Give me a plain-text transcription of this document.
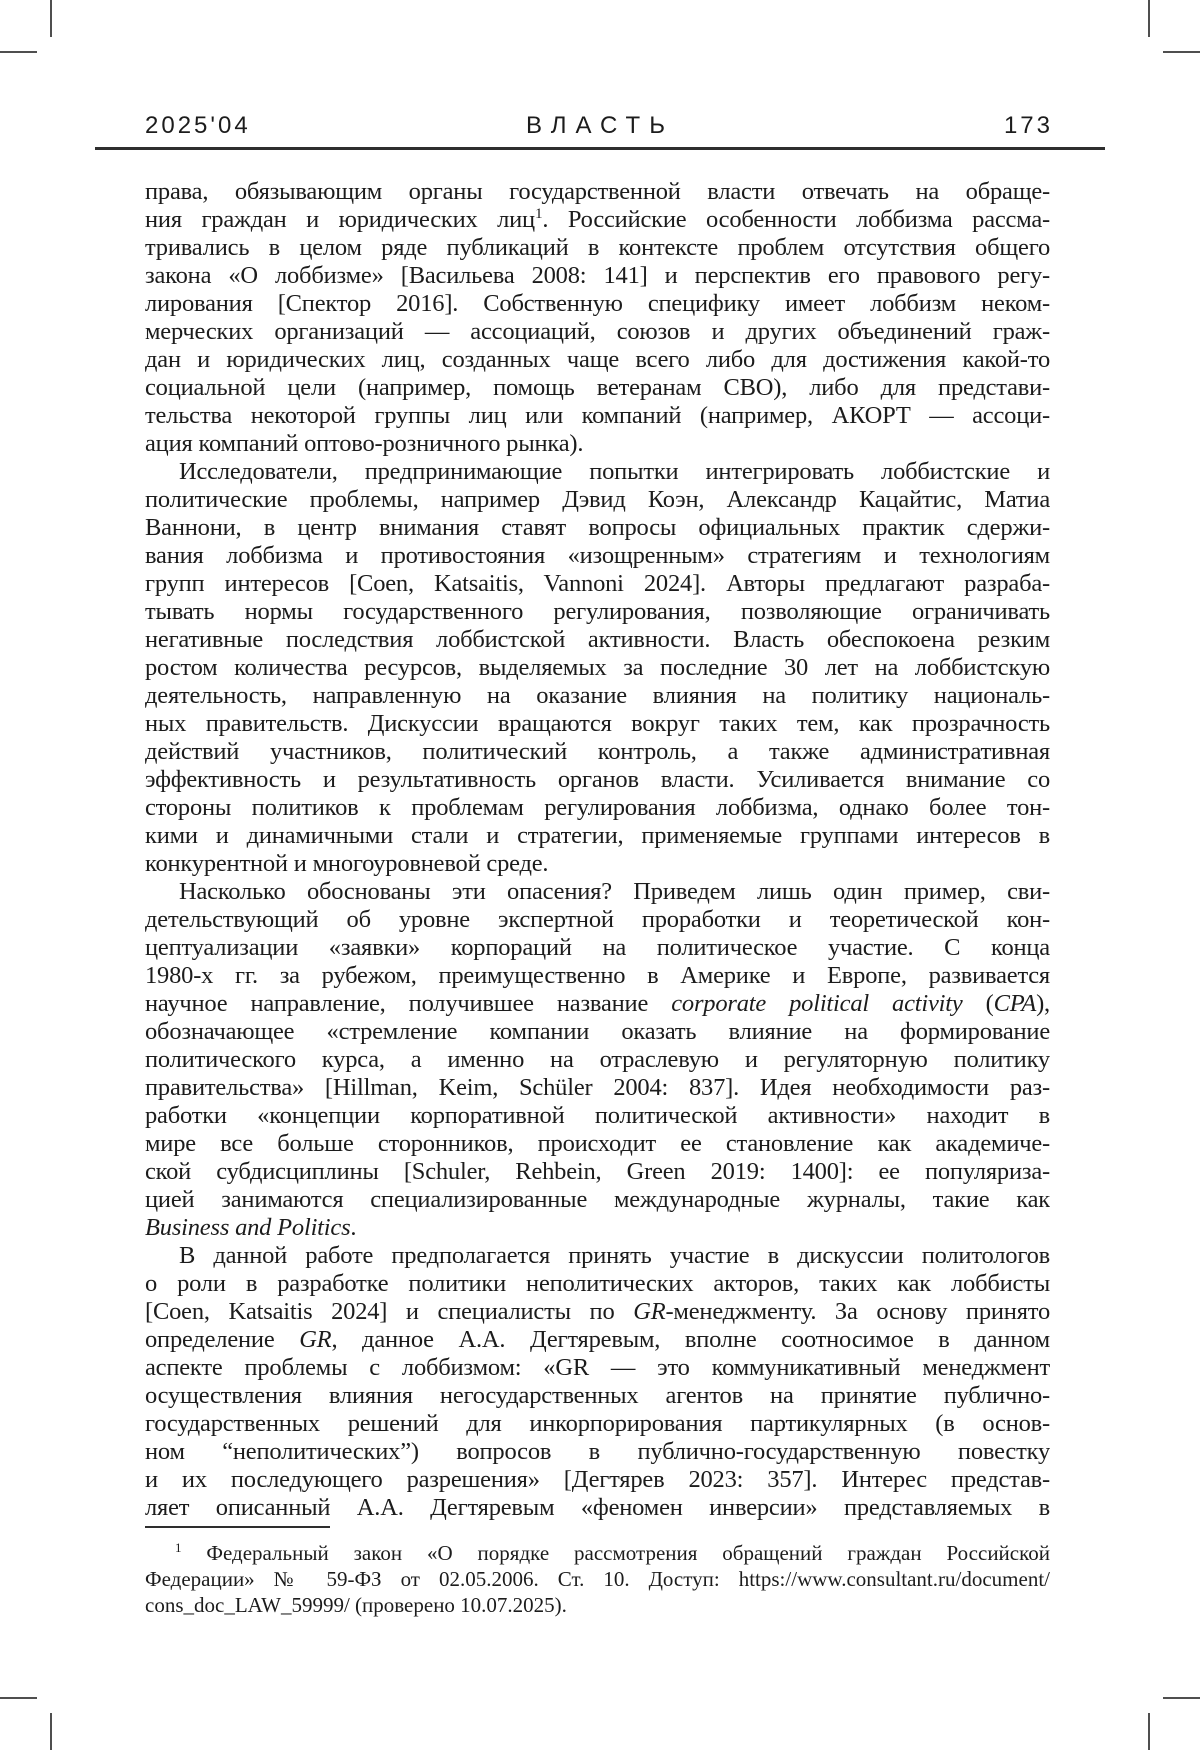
2025'04	ВЛАСТЬ	173
права, обязывающим органы государственной власти отвечать на обраще-
ния граждан и юридических лиц$^1$. Российские особенности лоббизма рассма-
тривались в целом ряде публикаций в контексте проблем отсутствия общего
закона «О лоббизме» [Васильева 2008: 141] и перспектив его правового регу-
лирования [Спектор 2016]. Собственную специфику имеет лоббизм неком-
мерческих организаций — ассоциаций, союзов и других объединений граж-
дан и юридических лиц, созданных чаще всего либо для достижения какой-то
социальной цели (например, помощь ветеранам СВО), либо для представи-
тельства некоторой группы лиц или компаний (например, АКОРТ — ассоци-
ация компаний оптово-розничного рынка).
Исследователи, предпринимающие попытки интегрировать лоббистские и
политические проблемы, например Дэвид Коэн, Александр Кацайтис, Матиа
Ваннони, в центр внимания ставят вопросы официальных практик сдержи-
вания лоббизма и противостояния «изощренным» стратегиям и технологиям
групп интересов [Coen, Katsaitis, Vannoni 2024]. Авторы предлагают разраба-
тывать нормы государственного регулирования, позволяющие ограничивать
негативные последствия лоббистской активности. Власть обеспокоена резким
ростом количества ресурсов, выделяемых за последние 30 лет на лоббистскую
деятельность, направленную на оказание влияния на политику националь-
ных правительств. Дискуссии вращаются вокруг таких тем, как прозрачность
действий участников, политический контроль, а также административная
эффективность и результативность органов власти. Усиливается внимание со
стороны политиков к проблемам регулирования лоббизма, однако более тон-
кими и динамичными стали и стратегии, применяемые группами интересов в
конкурентной и многоуровневой среде.
Насколько обоснованы эти опасения? Приведем лишь один пример, сви-
детельствующий об уровне экспертной проработки и теоретической кон-
цептуализации «заявки» корпораций на политическое участие. С конца
1980-х гг. за рубежом, преимущественно в Америке и Европе, развивается
научное направление, получившее название corporate political activity (CPA),
обозначающее «стремление компании оказать влияние на формирование
политического курса, а именно на отраслевую и регуляторную политику
правительства» [Hillman, Keim, Schüler 2004: 837]. Идея необходимости раз-
работки «концепции корпоративной политической активности» находит в
мире все больше сторонников, происходит ее становление как академиче-
ской субдисциплины [Schuler, Rehbein, Green 2019: 1400]: ее популяриза-
цией занимаются специализированные международные журналы, такие как
Business and Politics.
В данной работе предполагается принять участие в дискуссии политологов
о роли в разработке политики неполитических акторов, таких как лоббисты
[Coen, Katsaitis 2024] и специалисты по GR-менеджменту. За основу принято
определение GR, данное А.А. Дегтяревым, вполне соотносимое в данном
аспекте проблемы с лоббизмом: «GR — это коммуникативный менеджмент
осуществления влияния негосударственных агентов на принятие публично-
государственных решений для инкорпорирования партикулярных (в основ-
ном “неполитических”) вопросов в публично-государственную повестку
и их последующего разрешения» [Дегтярев 2023: 357]. Интерес представ-
ляет описанный А.А. Дегтяревым «феномен инверсии» представляемых в
$^1$ Федеральный закон «О порядке рассмотрения обращений граждан Российской
Федерации» № 59-ФЗ от 02.05.2006. Ст. 10. Доступ: https://www.consultant.ru/document/
cons_doc_LAW_59999/ (проверено 10.07.2025).
